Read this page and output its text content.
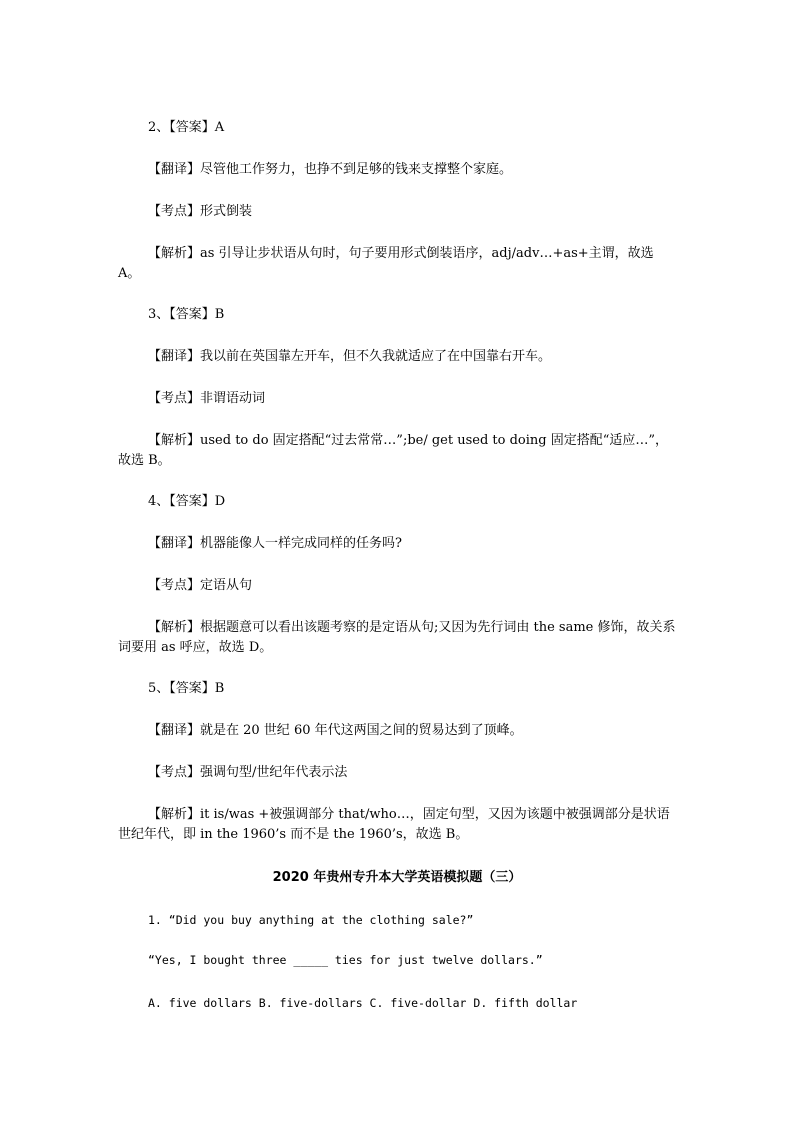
2、【答案】A
【翻译】尽管他工作努力，也挣不到足够的钱来支撑整个家庭。
【考点】形式倒装
【解析】as 引导让步状语从句时，句子要用形式倒装语序，adj/adv…+as+主谓，故选 A。
3、【答案】B
【翻译】我以前在英国靠左开车，但不久我就适应了在中国靠右开车。
【考点】非谓语动词
【解析】used to do 固定搭配“过去常常…”;be/ get used to doing 固定搭配“适应…”，故选 B。
4、【答案】D
【翻译】机器能像人一样完成同样的任务吗?
【考点】定语从句
【解析】根据题意可以看出该题考察的是定语从句;又因为先行词由 the same 修饰，故关系词要用 as 呼应，故选 D。
5、【答案】B
【翻译】就是在 20 世纪 60 年代这两国之间的贸易达到了顶峰。
【考点】强调句型/世纪年代表示法
【解析】it is/was +被强调部分 that/who…，固定句型，又因为该题中被强调部分是状语世纪年代，即 in the 1960’s 而不是 the 1960’s，故选 B。
2020 年贵州专升本大学英语模拟题（三）
1. “Did you buy anything at the clothing sale?”
“Yes, I bought three _____ ties for just twelve dollars.”
A. five dollars B. five-dollars C. five-dollar D. fifth dollar
